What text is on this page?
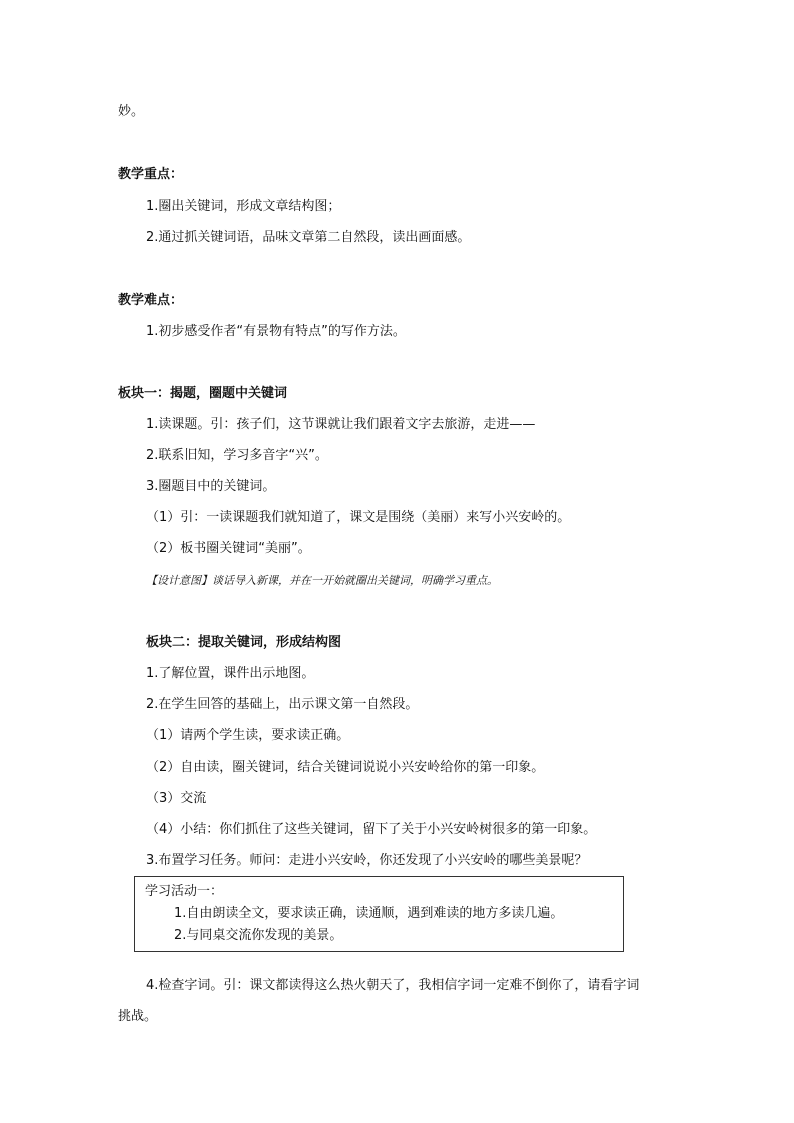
妙。
教学重点：
1.圈出关键词，形成文章结构图；
2.通过抓关键词语，品味文章第二自然段，读出画面感。
教学难点：
1.初步感受作者“有景物有特点”的写作方法。
板块一：揭题，圈题中关键词
1.读课题。引：孩子们，这节课就让我们跟着文字去旅游，走进——
2.联系旧知，学习多音字“兴”。
3.圈题目中的关键词。
（1）引：一读课题我们就知道了，课文是围绕（美丽）来写小兴安岭的。
（2）板书圈关键词“美丽”。
【设计意图】谈话导入新课，并在一开始就圈出关键词，明确学习重点。
板块二：提取关键词，形成结构图
1.了解位置，课件出示地图。
2.在学生回答的基础上，出示课文第一自然段。
（1）请两个学生读，要求读正确。
（2）自由读，圈关键词，结合关键词说说小兴安岭给你的第一印象。
（3）交流
（4）小结：你们抓住了这些关键词，留下了关于小兴安岭树很多的第一印象。
3.布置学习任务。师问：走进小兴安岭，你还发现了小兴安岭的哪些美景呢？
学习活动一：
1.自由朗读全文，要求读正确，读通顺，遇到难读的地方多读几遍。
2.与同桌交流你发现的美景。
4.检查字词。引：课文都读得这么热火朝天了，我相信字词一定难不倒你了，请看字词
挑战。
